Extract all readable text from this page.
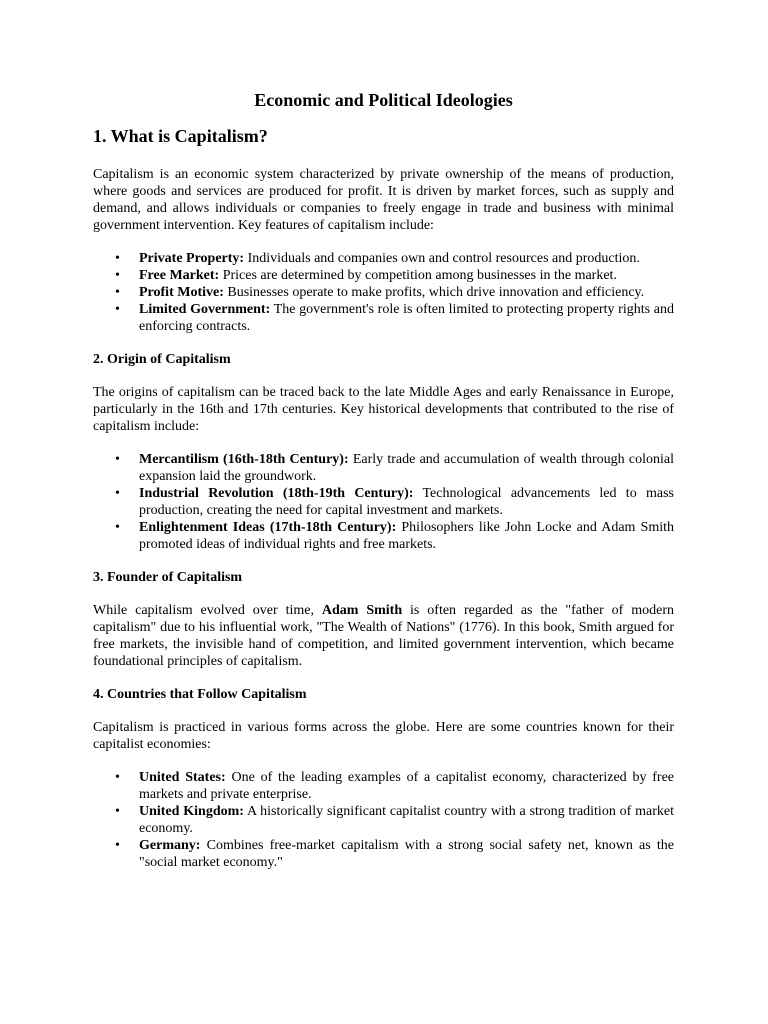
Economic and Political Ideologies
1. What is Capitalism?

Capitalism is an economic system characterized by private ownership of the means of production, where goods and services are produced for profit. It is driven by market forces, such as supply and demand, and allows individuals or companies to freely engage in trade and business with minimal government intervention. Key features of capitalism include:

• Private Property: Individuals and companies own and control resources and production.
• Free Market: Prices are determined by competition among businesses in the market.
• Profit Motive: Businesses operate to make profits, which drive innovation and efficiency.
• Limited Government: The government's role is often limited to protecting property rights and enforcing contracts.
2. Origin of Capitalism

The origins of capitalism can be traced back to the late Middle Ages and early Renaissance in Europe, particularly in the 16th and 17th centuries. Key historical developments that contributed to the rise of capitalism include:

• Mercantilism (16th-18th Century): Early trade and accumulation of wealth through colonial expansion laid the groundwork.
• Industrial Revolution (18th-19th Century): Technological advancements led to mass production, creating the need for capital investment and markets.
• Enlightenment Ideas (17th-18th Century): Philosophers like John Locke and Adam Smith promoted ideas of individual rights and free markets.
3. Founder of Capitalism

While capitalism evolved over time, Adam Smith is often regarded as the "father of modern capitalism" due to his influential work, "The Wealth of Nations" (1776). In this book, Smith argued for free markets, the invisible hand of competition, and limited government intervention, which became foundational principles of capitalism.

4. Countries that Follow Capitalism

Capitalism is practiced in various forms across the globe. Here are some countries known for their capitalist economies:

• United States: One of the leading examples of a capitalist economy, characterized by free markets and private enterprise.
• United Kingdom: A historically significant capitalist country with a strong tradition of market economy.
• Germany: Combines free-market capitalism with a strong social safety net, known as the "social market economy."
